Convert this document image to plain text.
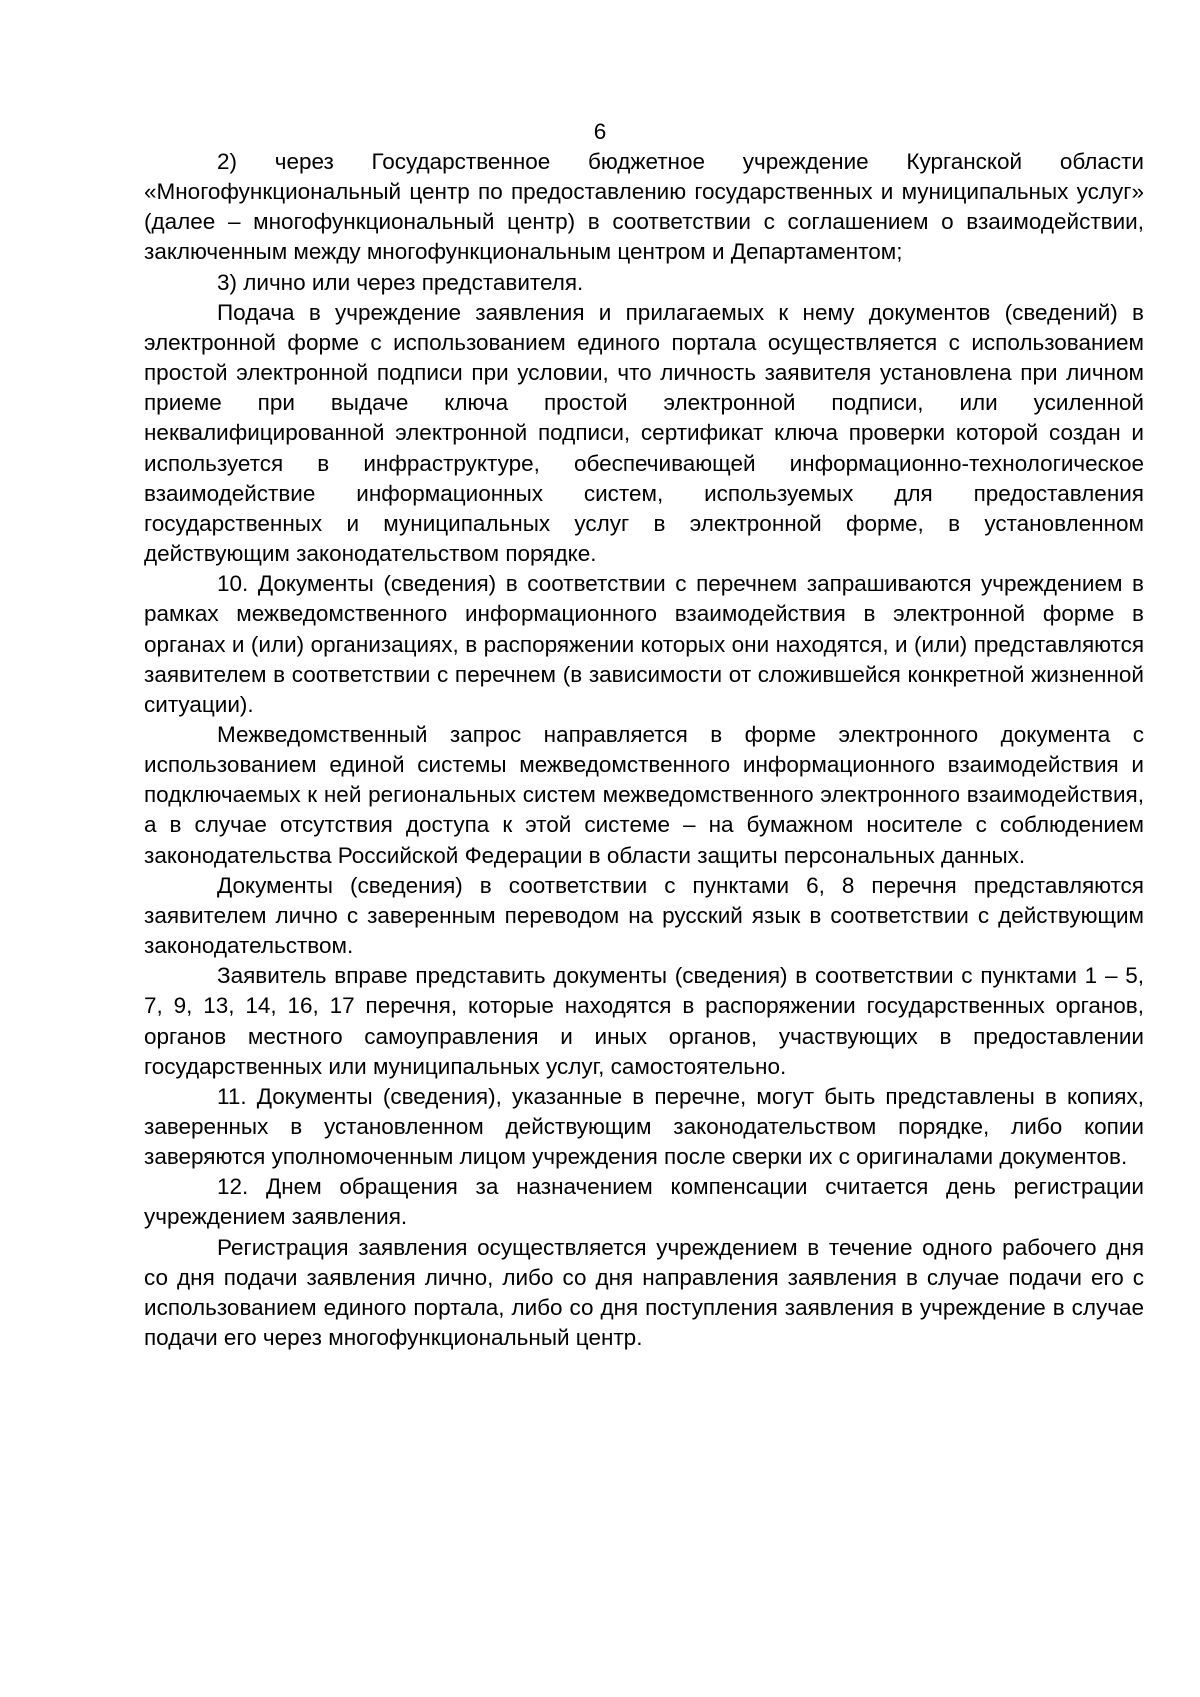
6

2) через Государственное бюджетное учреждение Курганской области «Многофункциональный центр по предоставлению государственных и муниципальных услуг» (далее – многофункциональный центр) в соответствии с соглашением о взаимодействии, заключенным между многофункциональным центром и Департаментом;

3) лично или через представителя.

Подача в учреждение заявления и прилагаемых к нему документов (сведений) в электронной форме с использованием единого портала осуществляется с использованием простой электронной подписи при условии, что личность заявителя установлена при личном приеме при выдаче ключа простой электронной подписи, или усиленной неквалифицированной электронной подписи, сертификат ключа проверки которой создан и используется в инфраструктуре, обеспечивающей информационно-технологическое взаимодействие информационных систем, используемых для предоставления государственных и муниципальных услуг в электронной форме, в установленном действующим законодательством порядке.

10. Документы (сведения) в соответствии с перечнем запрашиваются учреждением в рамках межведомственного информационного взаимодействия в электронной форме в органах и (или) организациях, в распоряжении которых они находятся, и (или) представляются заявителем в соответствии с перечнем (в зависимости от сложившейся конкретной жизненной ситуации).

Межведомственный запрос направляется в форме электронного документа с использованием единой системы межведомственного информационного взаимодействия и подключаемых к ней региональных систем межведомственного электронного взаимодействия, а в случае отсутствия доступа к этой системе – на бумажном носителе с соблюдением законодательства Российской Федерации в области защиты персональных данных.

Документы (сведения) в соответствии с пунктами 6, 8 перечня представляются заявителем лично с заверенным переводом на русский язык в соответствии с действующим законодательством.

Заявитель вправе представить документы (сведения) в соответствии с пунктами 1 – 5, 7, 9, 13, 14, 16, 17 перечня, которые находятся в распоряжении государственных органов, органов местного самоуправления и иных органов, участвующих в предоставлении государственных или муниципальных услуг, самостоятельно.

11. Документы (сведения), указанные в перечне, могут быть представлены в копиях, заверенных в установленном действующим законодательством порядке, либо копии заверяются уполномоченным лицом учреждения после сверки их с оригиналами документов.

12. Днем обращения за назначением компенсации считается день регистрации учреждением заявления.

Регистрация заявления осуществляется учреждением в течение одного рабочего дня со дня подачи заявления лично, либо со дня направления заявления в случае подачи его с использованием единого портала, либо со дня поступления заявления в учреждение в случае подачи его через многофункциональный центр.
